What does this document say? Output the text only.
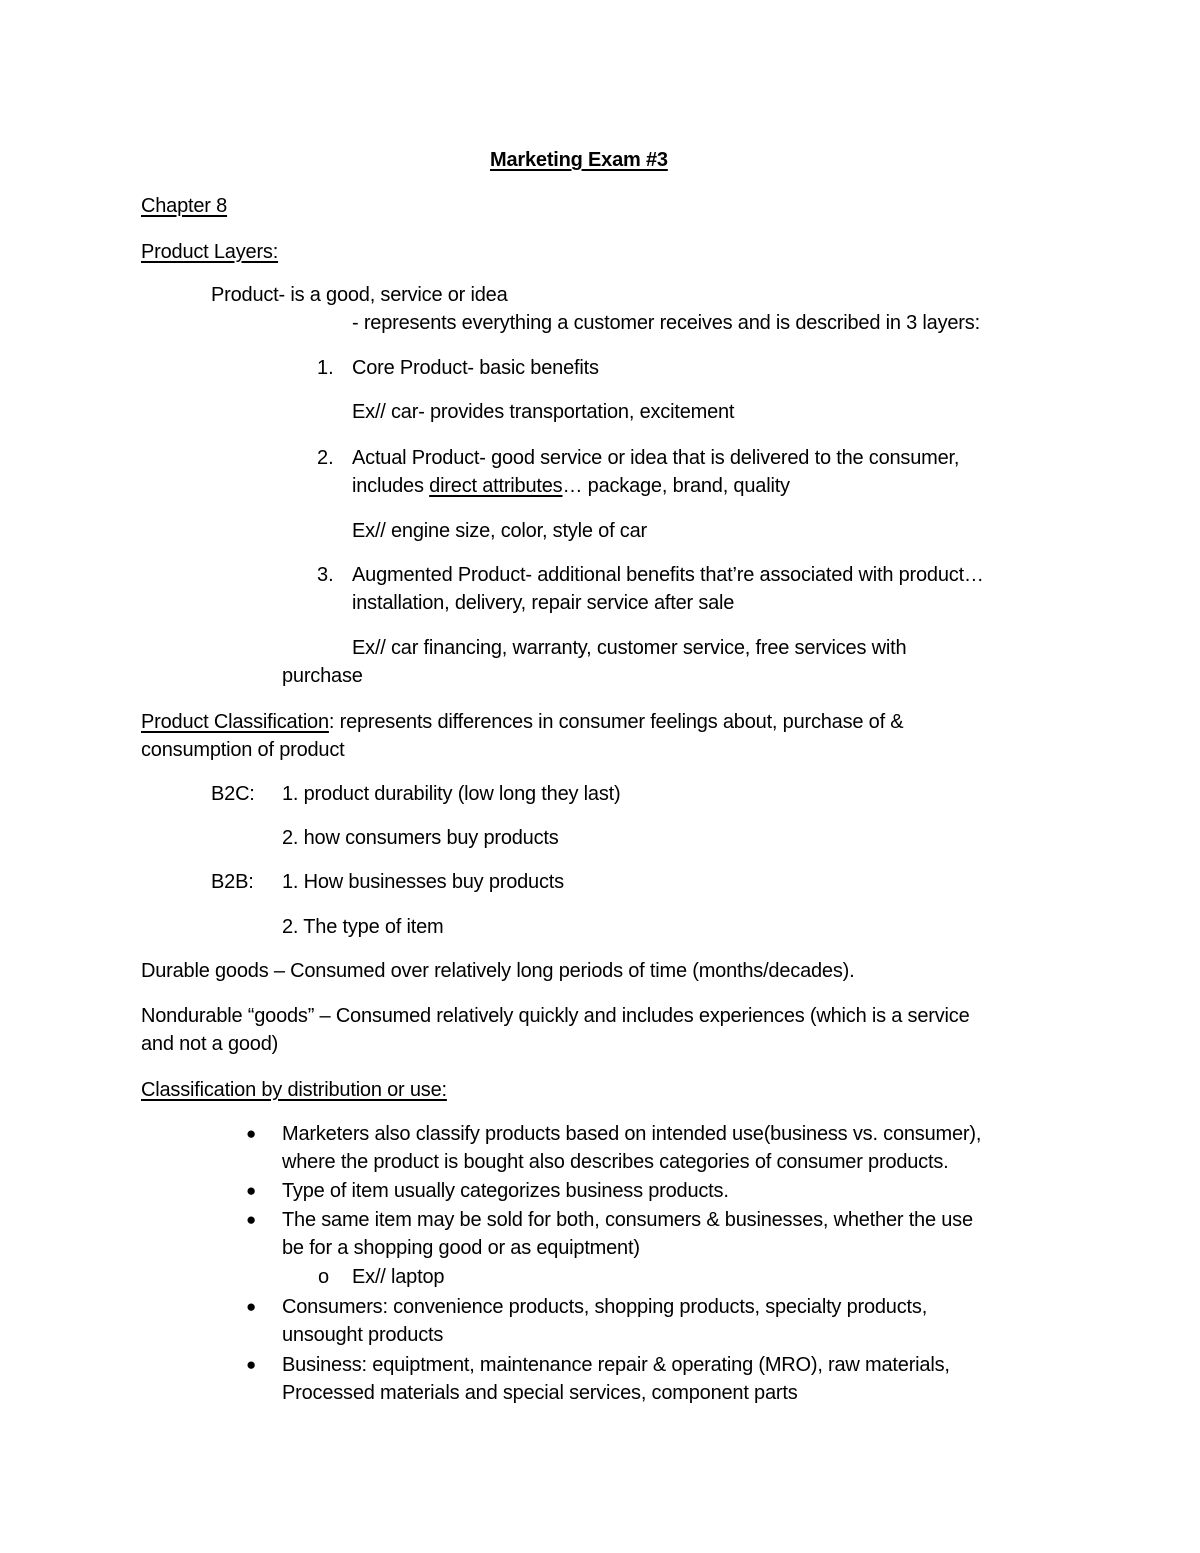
Marketing Exam #3
Chapter 8
Product Layers:
Product- is a good, service or idea
- represents everything a customer receives and is described in 3 layers:
1. Core Product- basic benefits
Ex// car- provides transportation, excitement
2. Actual Product- good service or idea that is delivered to the consumer,
includes direct attributes… package, brand, quality
Ex// engine size, color, style of car
3. Augmented Product- additional benefits that’re associated with product…
installation, delivery, repair service after sale
Ex// car financing, warranty, customer service, free services with
purchase
Product Classification: represents differences in consumer feelings about, purchase of &
consumption of product
B2C: 1. product durability (low long they last)
2. how consumers buy products
B2B: 1. How businesses buy products
2. The type of item
Durable goods – Consumed over relatively long periods of time (months/decades).
Nondurable “goods” – Consumed relatively quickly and includes experiences (which is a service
and not a good)
Classification by distribution or use:
● Marketers also classify products based on intended use(business vs. consumer),
where the product is bought also describes categories of consumer products.
● Type of item usually categorizes business products.
● The same item may be sold for both, consumers & businesses, whether the use
be for a shopping good or as equiptment)
o Ex// laptop
● Consumers: convenience products, shopping products, specialty products,
unsought products
● Business: equiptment, maintenance repair & operating (MRO), raw materials,
Processed materials and special services, component parts
